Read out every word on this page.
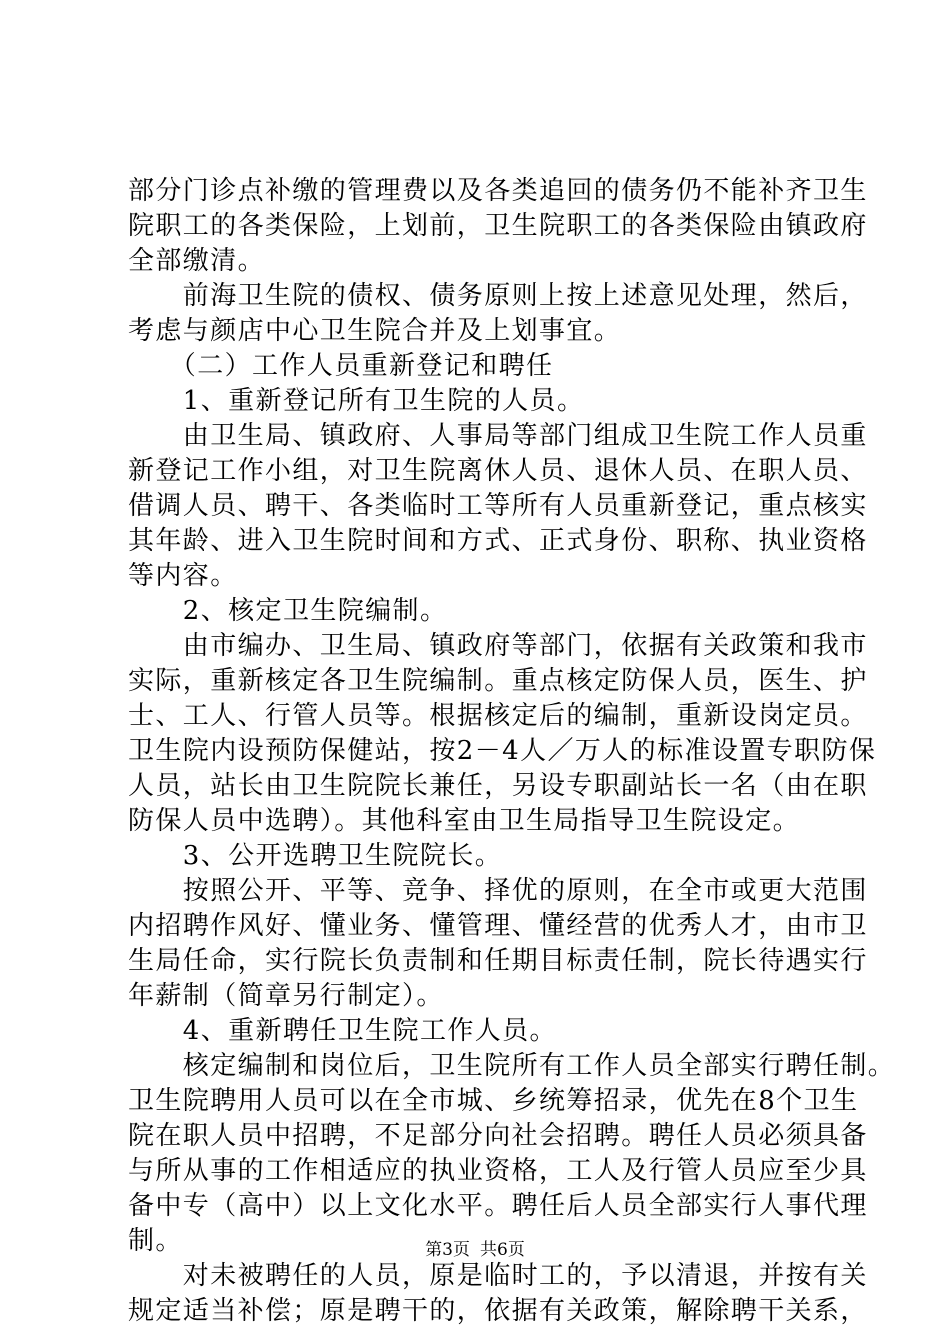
部分门诊点补缴的管理费以及各类追回的债务仍不能补齐卫生
院职工的各类保险，上划前，卫生院职工的各类保险由镇政府
全部缴清。
　　前海卫生院的债权、债务原则上按上述意见处理，然后，
考虑与颜店中心卫生院合并及上划事宜。
　　（二）工作人员重新登记和聘任
　　1、重新登记所有卫生院的人员。
　　由卫生局、镇政府、人事局等部门组成卫生院工作人员重
新登记工作小组，对卫生院离休人员、退休人员、在职人员、
借调人员、聘干、各类临时工等所有人员重新登记，重点核实
其年龄、进入卫生院时间和方式、正式身份、职称、执业资格
等内容。
　　2、核定卫生院编制。
　　由市编办、卫生局、镇政府等部门，依据有关政策和我市
实际，重新核定各卫生院编制。重点核定防保人员，医生、护
士、工人、行管人员等。根据核定后的编制，重新设岗定员。
卫生院内设预防保健站，按2－4人／万人的标准设置专职防保
人员，站长由卫生院院长兼任，另设专职副站长一名（由在职
防保人员中选聘）。其他科室由卫生局指导卫生院设定。
　　3、公开选聘卫生院院长。
　　按照公开、平等、竞争、择优的原则，在全市或更大范围
内招聘作风好、懂业务、懂管理、懂经营的优秀人才，由市卫
生局任命，实行院长负责制和任期目标责任制，院长待遇实行
年薪制（简章另行制定）。
　　4、重新聘任卫生院工作人员。
　　核定编制和岗位后，卫生院所有工作人员全部实行聘任制。
卫生院聘用人员可以在全市城、乡统筹招录，优先在8个卫生
院在职人员中招聘，不足部分向社会招聘。聘任人员必须具备
与所从事的工作相适应的执业资格，工人及行管人员应至少具
备中专（高中）以上文化水平。聘任后人员全部实行人事代理
制。
　　对未被聘任的人员，原是临时工的，予以清退，并按有关
规定适当补偿；原是聘干的，依据有关政策，解除聘干关系，
第3页 共6页
